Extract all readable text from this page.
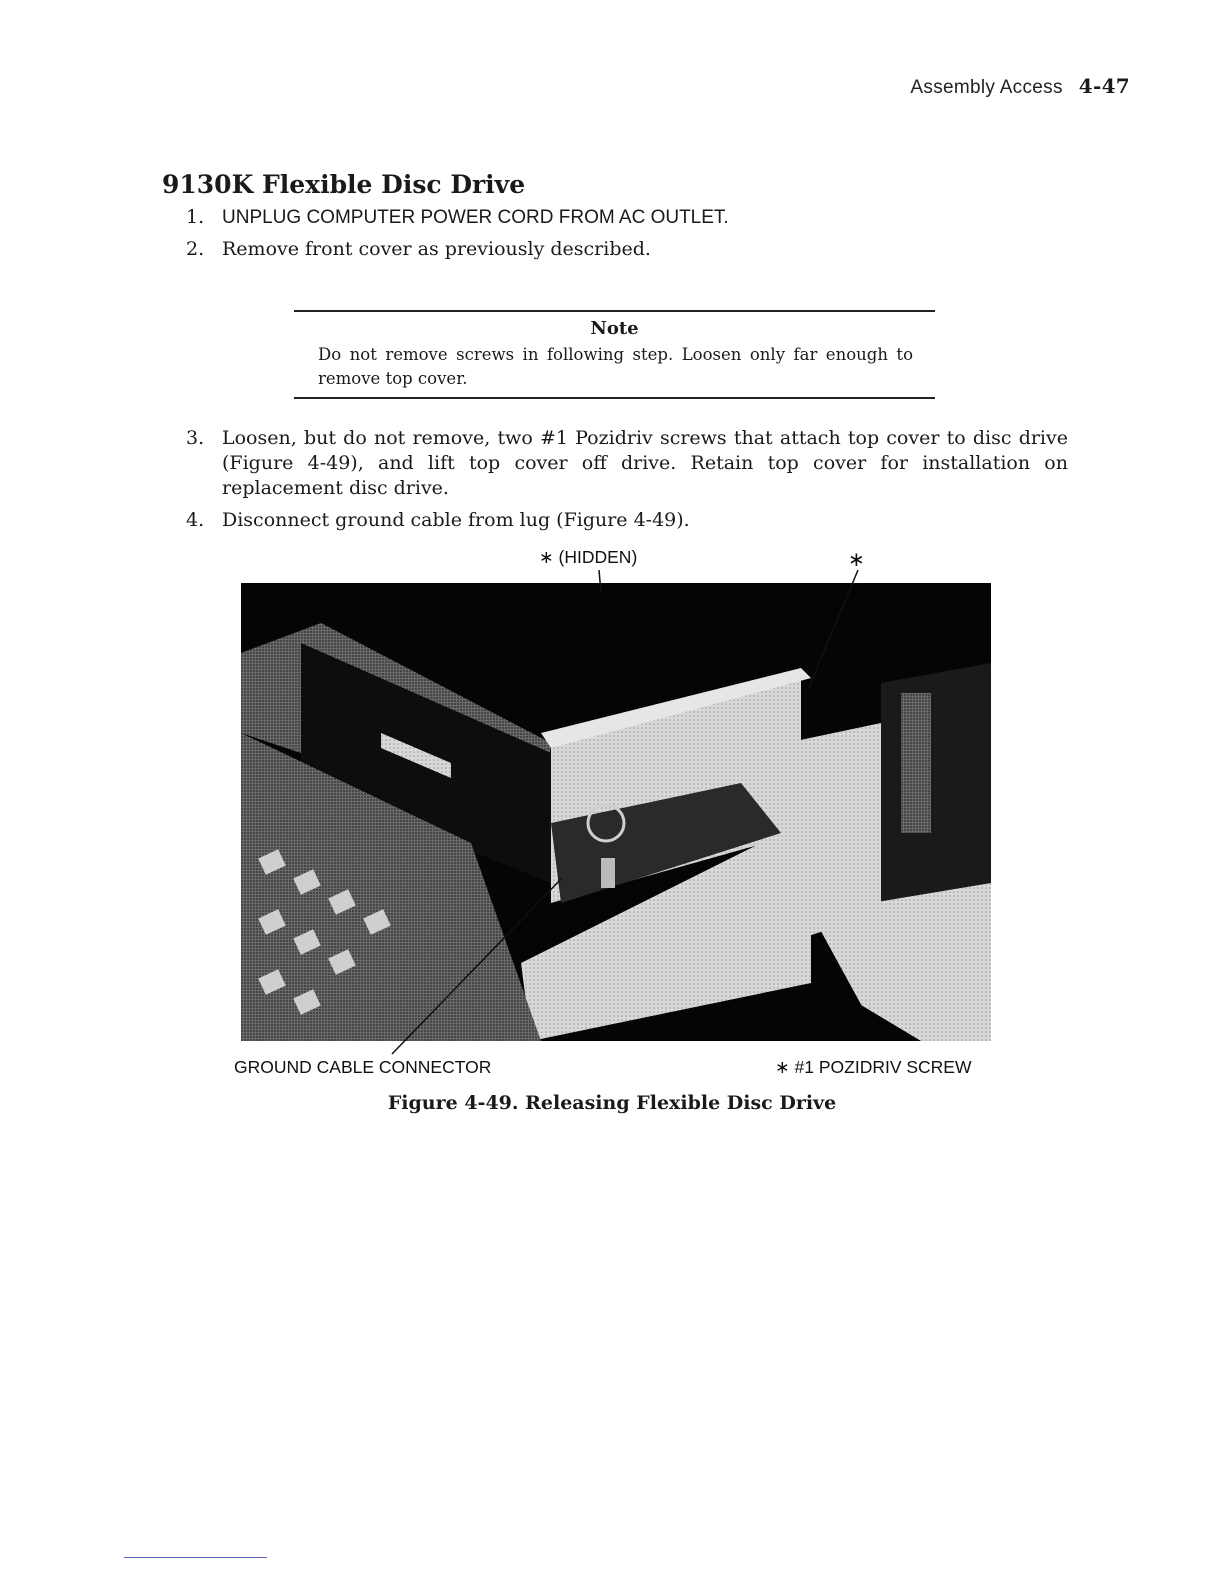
Assembly Access 4-47
9130K Flexible Disc Drive
1. UNPLUG COMPUTER POWER CORD FROM AC OUTLET.
2. Remove front cover as previously described.
Note
Do not remove screws in following step. Loosen only far enough to remove top cover.
3. Loosen, but do not remove, two #1 Pozidriv screws that attach top cover to disc drive (Figure 4-49), and lift top cover off drive. Retain top cover for installation on replacement disc drive.
4. Disconnect ground cable from lug (Figure 4-49).
∗ (HIDDEN)	∗
GROUND CABLE CONNECTOR	∗ #1 POZIDRIV SCREW
Figure 4-49. Releasing Flexible Disc Drive
